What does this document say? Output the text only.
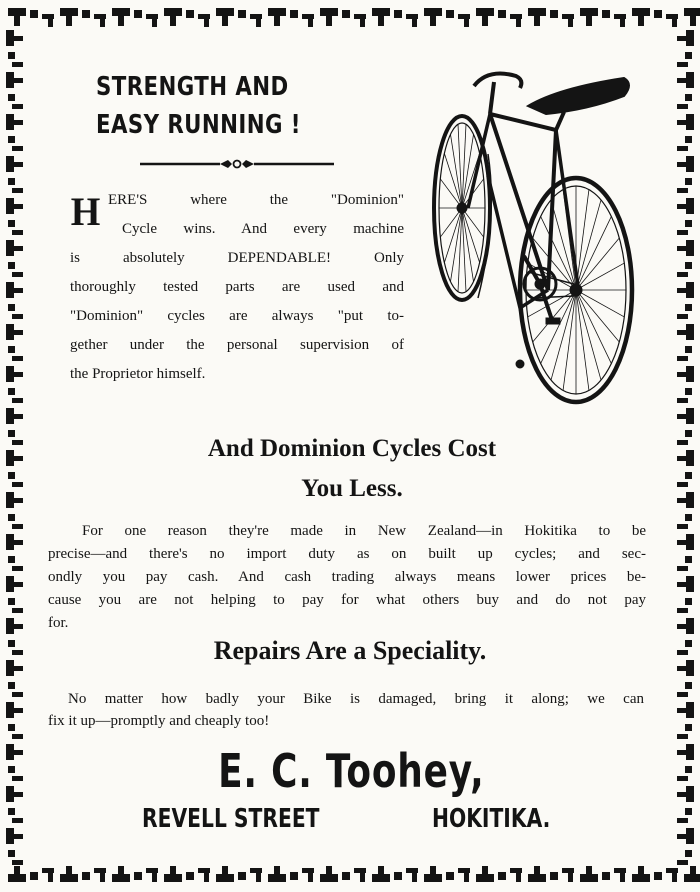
STRENGTH AND
EASY RUNNING !
H ERE'S where the "Dominion"
Cycle wins. And every machine
is absolutely DEPENDABLE! Only
thoroughly tested parts are used and
"Dominion" cycles are always "put to-
gether under the personal supervision of
the Proprietor himself.
And Dominion Cycles Cost
You Less.
For one reason they're made in New Zealand—in Hokitika to be
precise—and there's no import duty as on built up cycles; and sec-
ondly you pay cash. And cash trading always means lower prices be-
cause you are not helping to pay for what others buy and do not pay
for.
Repairs Are a Speciality.
No matter how badly your Bike is damaged, bring it along; we can
fix it up—promptly and cheaply too!
E. C. Toohey,
REVELL STREET	HOKITIKA.
